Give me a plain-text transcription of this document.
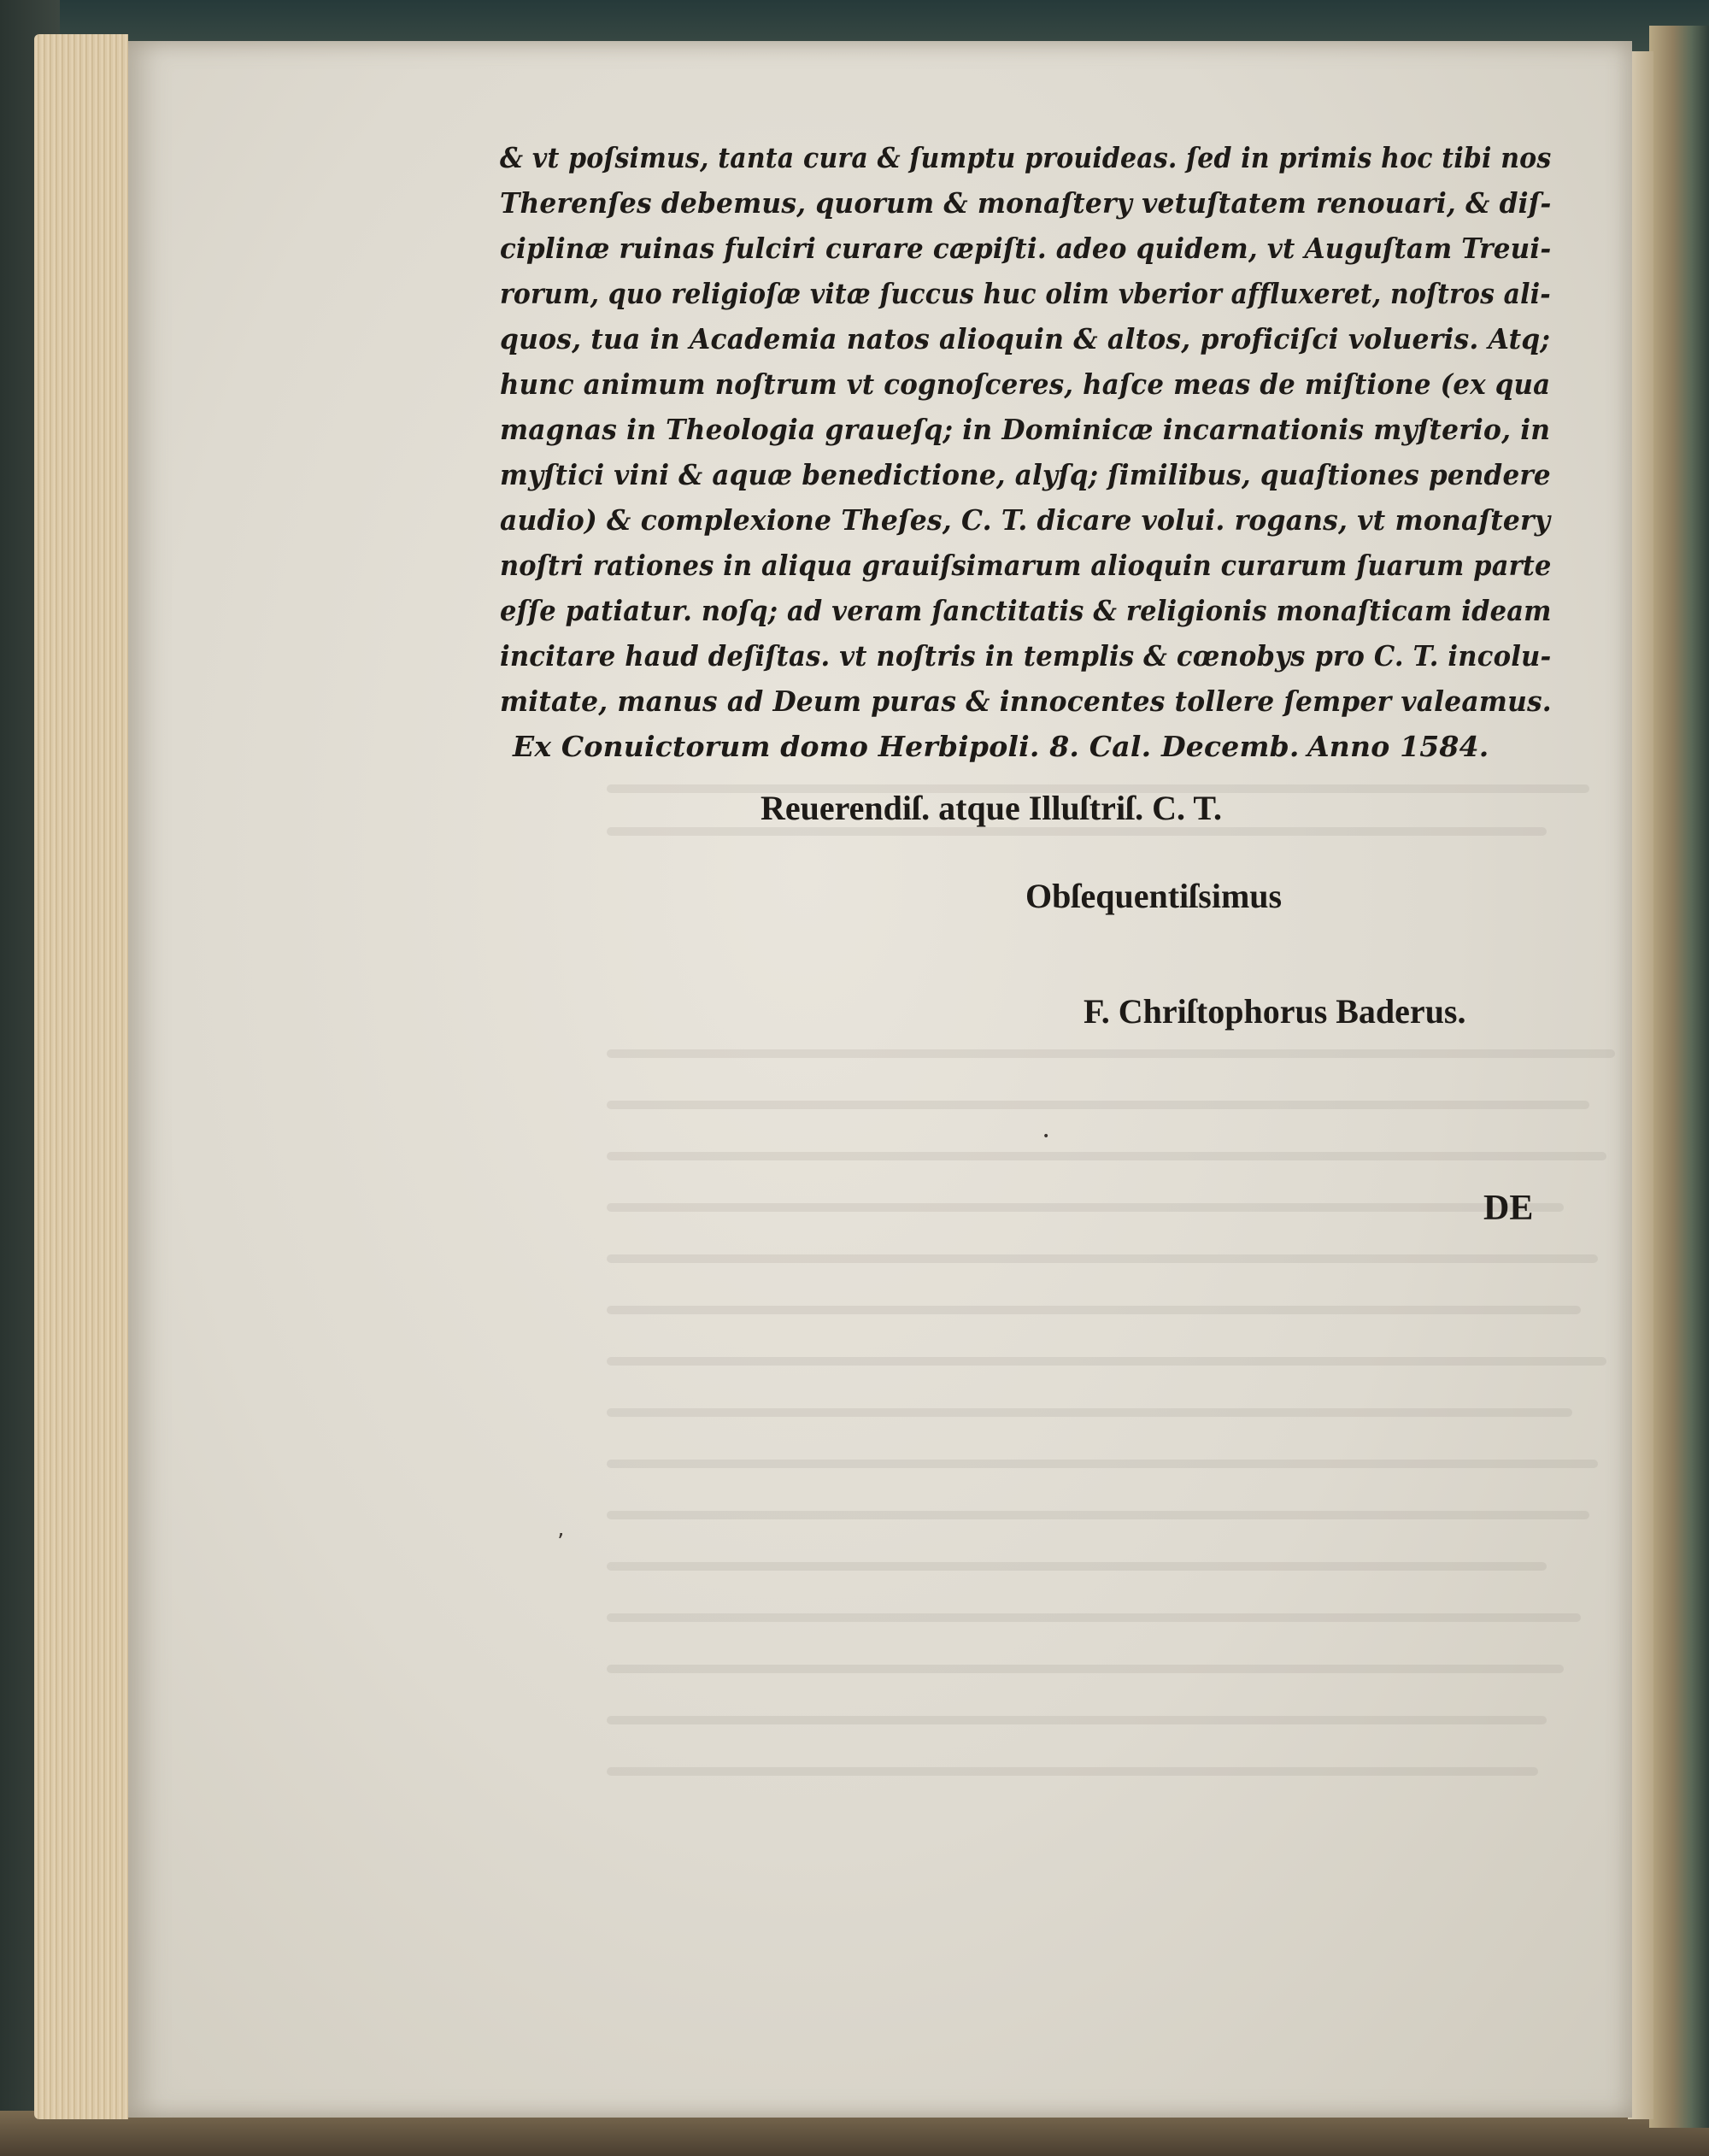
& vt poſsimus, tanta cura & ſumptu prouideas. ſed in primis hoc tibi nos
Therenſes debemus, quorum & monaſtery vetuſtatem renouari, & diſ-
ciplinæ ruinas fulciri curare cæpiſti. adeo quidem, vt Auguſtam Treui-
rorum, quo religioſæ vitæ ſuccus huc olim vberior affluxeret, noſtros ali-
quos, tua in Academia natos alioquin & altos, proficiſci volueris. Atq;
hunc animum noſtrum vt cognoſceres, haſce meas de miſtione (ex qua
magnas in Theologia graueſq; in Dominicæ incarnationis myſterio, in
myſtici vini & aquæ benedictione, alyſq; ſimilibus, quaſtiones pendere
audio) & complexione Theſes, C. T. dicare volui. rogans, vt monaſtery
noſtri rationes in aliqua grauiſsimarum alioquin curarum ſuarum parte
eſſe patiatur. noſq; ad veram ſanctitatis & religionis monaſticam ideam
incitare haud deſiſtas. vt noſtris in templis & cœnobys pro C. T. incolu-
mitate, manus ad Deum puras & innocentes tollere ſemper valeamus.
Ex Conuictorum domo Herbipoli. 8. Cal. Decemb. Anno 1584.
Reuerendiſ. atque Illuſtriſ. C. T.
Obſequentiſsimus
F. Chriſtophorus Baderus.
DE
•
ʼ
